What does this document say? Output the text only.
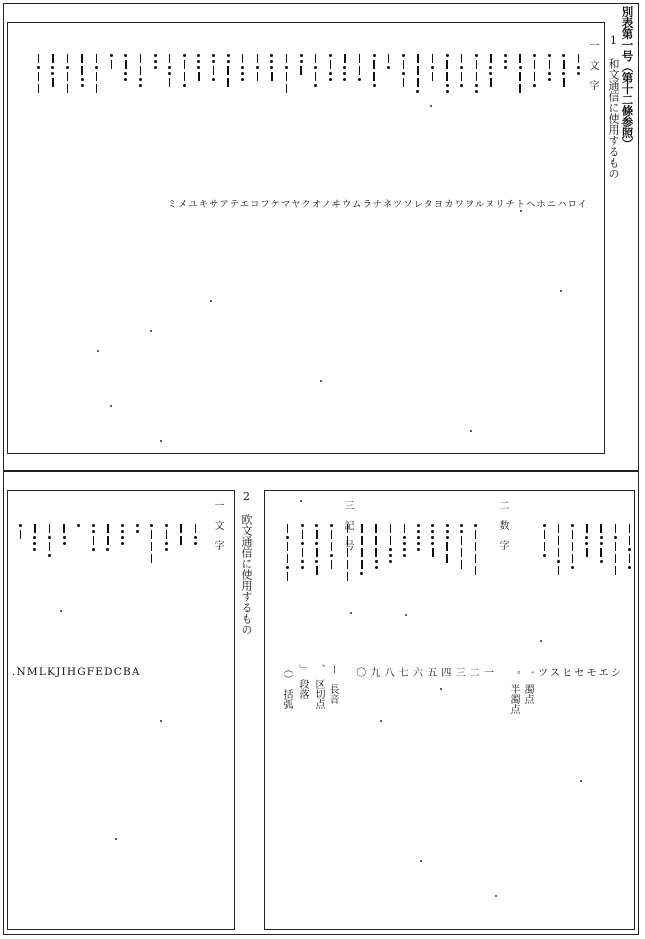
別表第一号（第十二條参照）
1　和文通信に使用するもの
一　文　字
イロハニホヘトチリヌルヲワカヨタレソツネナラムウヰノオクヤマケフコエテアサキユメミ
2　欧文通信に使用するもの
一　文　字
.NMLKJIHGFEDCBA
二　数　字
シエモセヒスツ
゛　濁点
゜　半濁点
一
二
三
四
五
六
七
八
九
〇
三　記　号
ー　長音
、　区切点
」　段落
（）　括弧
